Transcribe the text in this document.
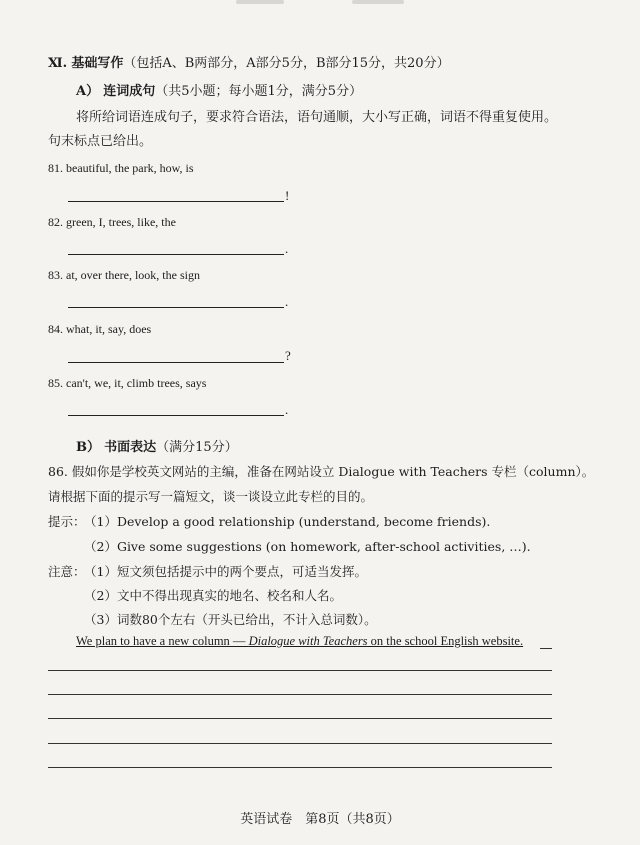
Ⅺ. 基础写作（包括A、B两部分，A部分5分，B部分15分，共20分）
A） 连词成句（共5小题；每小题1分，满分5分）
将所给词语连成句子，要求符合语法，语句通顺，大小写正确，词语不得重复使用。
句末标点已给出。
81. beautiful, the park, how, is
!
82. green, I, trees, like, the
.
83. at, over there, look, the sign
.
84. what, it, say, does
?
85. can't, we, it, climb trees, says
.
B） 书面表达（满分15分）
86. 假如你是学校英文网站的主编，准备在网站设立 Dialogue with Teachers 专栏（column）。
请根据下面的提示写一篇短文，谈一谈设立此专栏的目的。
提示：
（1）Develop a good relationship (understand, become friends).
（2）Give some suggestions (on homework, after-school activities, …).
注意：
（1）短文须包括提示中的两个要点，可适当发挥。
（2）文中不得出现真实的地名、校名和人名。
（3）词数80个左右（开头已给出，不计入总词数）。
We plan to have a new column — Dialogue with Teachers on the school English website.
英语试卷　第8页（共8页）
